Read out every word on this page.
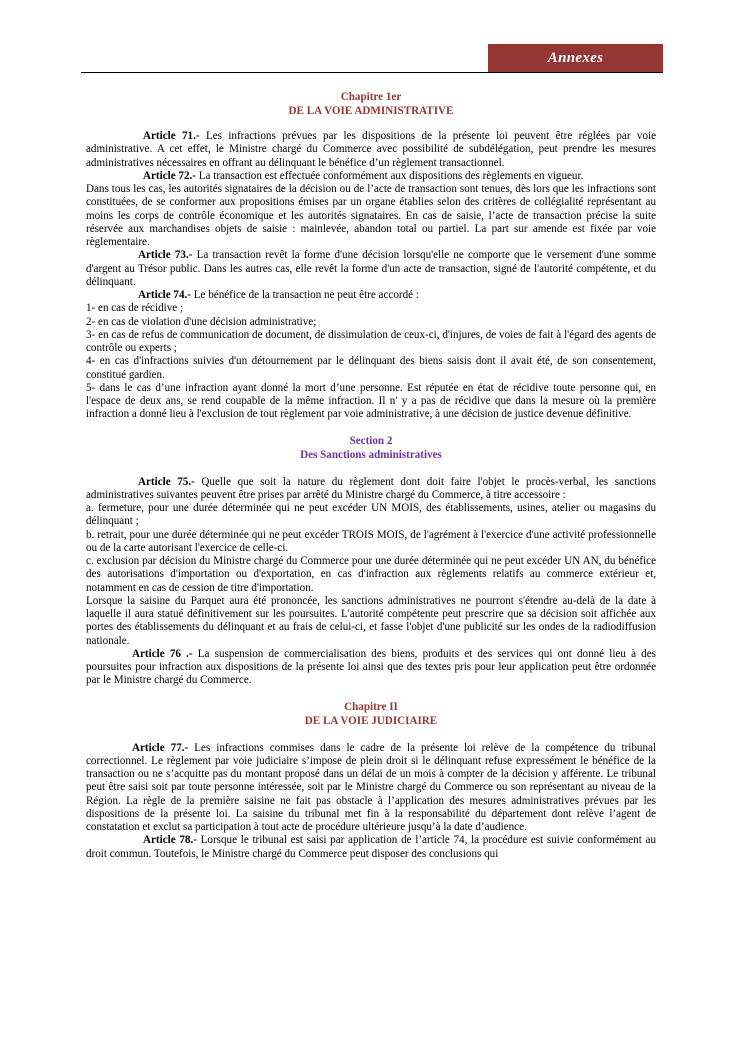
Annexes
Chapitre 1er
DE LA VOIE ADMINISTRATIVE

Article 71.- Les infractions prévues par les dispositions de la présente loi peuvent être réglées par voie administrative. A cet effet, le Ministre chargé du Commerce avec possibilité de subdélégation, peut prendre les mesures administratives nécessaires en offrant au délinquant le bénéfice d’un règlement transactionnel.

Article 72.- La transaction est effectuée conformément aux dispositions des règlements en vigueur.

Dans tous les cas, les autorités signataires de la décision ou de l’acte de transaction sont tenues, dès lors que les infractions sont constituées, de se conformer aux propositions émises par un organe établies selon des critères de collégialité représentant au moins les corps de contrôle économique et les autorités signataires. En cas de saisie, l’acte de transaction précise la suite réservée aux marchandises objets de saisie : mainlevée, abandon total ou partiel. La part sur amende est fixée par voie règlementaire.

Article 73.- La transaction revêt la forme d'une décision lorsqu'elle ne comporte que le versement d'une somme d'argent au Trésor public. Dans les autres cas, elle revêt la forme d'un acte de transaction, signé de l'autorité compétente, et du délinquant.

Article 74.- Le bénéfice de la transaction ne peut être accordé :

1- en cas de récidive ;

2- en cas de violation d'une décision administrative;

3- en cas de refus de communication de document, de dissimulation de ceux-ci, d'injures, de voies de fait à l'égard des agents de contrôle ou experts ;

4- en cas d'infractions suivies d'un détournement par le délinquant des biens saisis dont il avait été, de son consentement, constitué gardien.

5- dans le cas d’une infraction ayant donné la mort d’une personne. Est réputée en état de récidive toute personne qui, en l'espace de deux ans, se rend coupable de la même infraction. Il n' y a pas de récidive que dans la mesure où la première infraction a donné lieu à l'exclusion de tout règlement par voie administrative, à une décision de justice devenue définitive.

Section 2
Des Sanctions administratives

Article 75.- Quelle que soit la nature du règlement dont doit faire l'objet le procès-verbal, les sanctions administratives suivantes peuvent être prises par arrêté du Ministre chargé du Commerce, à titre accessoire :

a. fermeture, pour une durée déterminée qui ne peut excéder UN MOIS, des établissements, usines, atelier ou magasins du délinquant ;

b. retrait, pour une durée déterminée qui ne peut excéder TROIS MOIS, de l'agrément à l'exercice d'une activité professionnelle ou de la carte autorisant l'exercice de celle-ci.

c. exclusion par décision du Ministre chargé du Commerce pour une durée déterminée qui ne peut excéder UN AN, du bénéfice des autorisations d'importation ou d'exportation, en cas d'infraction aux règlements relatifs au commerce extérieur et, notamment en cas de cession de titre d'importation.

Lorsque la saisine du Parquet aura été prononcée, les sanctions administratives ne pourront s'étendre au-delà de la date à laquelle il aura statué définitivement sur les poursuites. L'autorité compétente peut prescrire que sa décision soit affichée aux portes des établissements du délinquant et au frais de celui-ci, et fasse l'objet d'une publicité sur les ondes de la radiodiffusion nationale.

Article 76 .- La suspension de commercialisation des biens, produits et des services qui ont donné lieu à des poursuites pour infraction aux dispositions de la présente loi ainsi que des textes pris pour leur application peut être ordonnée par le Ministre chargé du Commerce.

Chapitre II
DE LA VOIE JUDICIAIRE

Article 77.- Les infractions commises dans le cadre de la présente loi relève de la compétence du tribunal correctionnel. Le règlement par voie judiciaire s’impose de plein droit si le délinquant refuse expressément le bénéfice de la transaction ou ne s’acquitte pas du montant proposé dans un délai de un mois à compter de la décision y afférente. Le tribunal peut être saisi soit par toute personne intéressée, soit par le Ministre chargé du Commerce ou son représentant au niveau de la Région. La règle de la première saisine ne fait pas obstacle à l’application des mesures administratives prévues par les dispositions de la présente loi. La saisine du tribunal met fin à la responsabilité du département dont relève l’agent de constatation et exclut sa participation à tout acte de procédure ultérieure jusqu’à la date d’audience.

Article 78.- Lorsque le tribunal est saisi par application de l’article 74, la procédure est suivie conformément au droit commun. Toutefois, le Ministre chargé du Commerce peut disposer des conclusions qui
